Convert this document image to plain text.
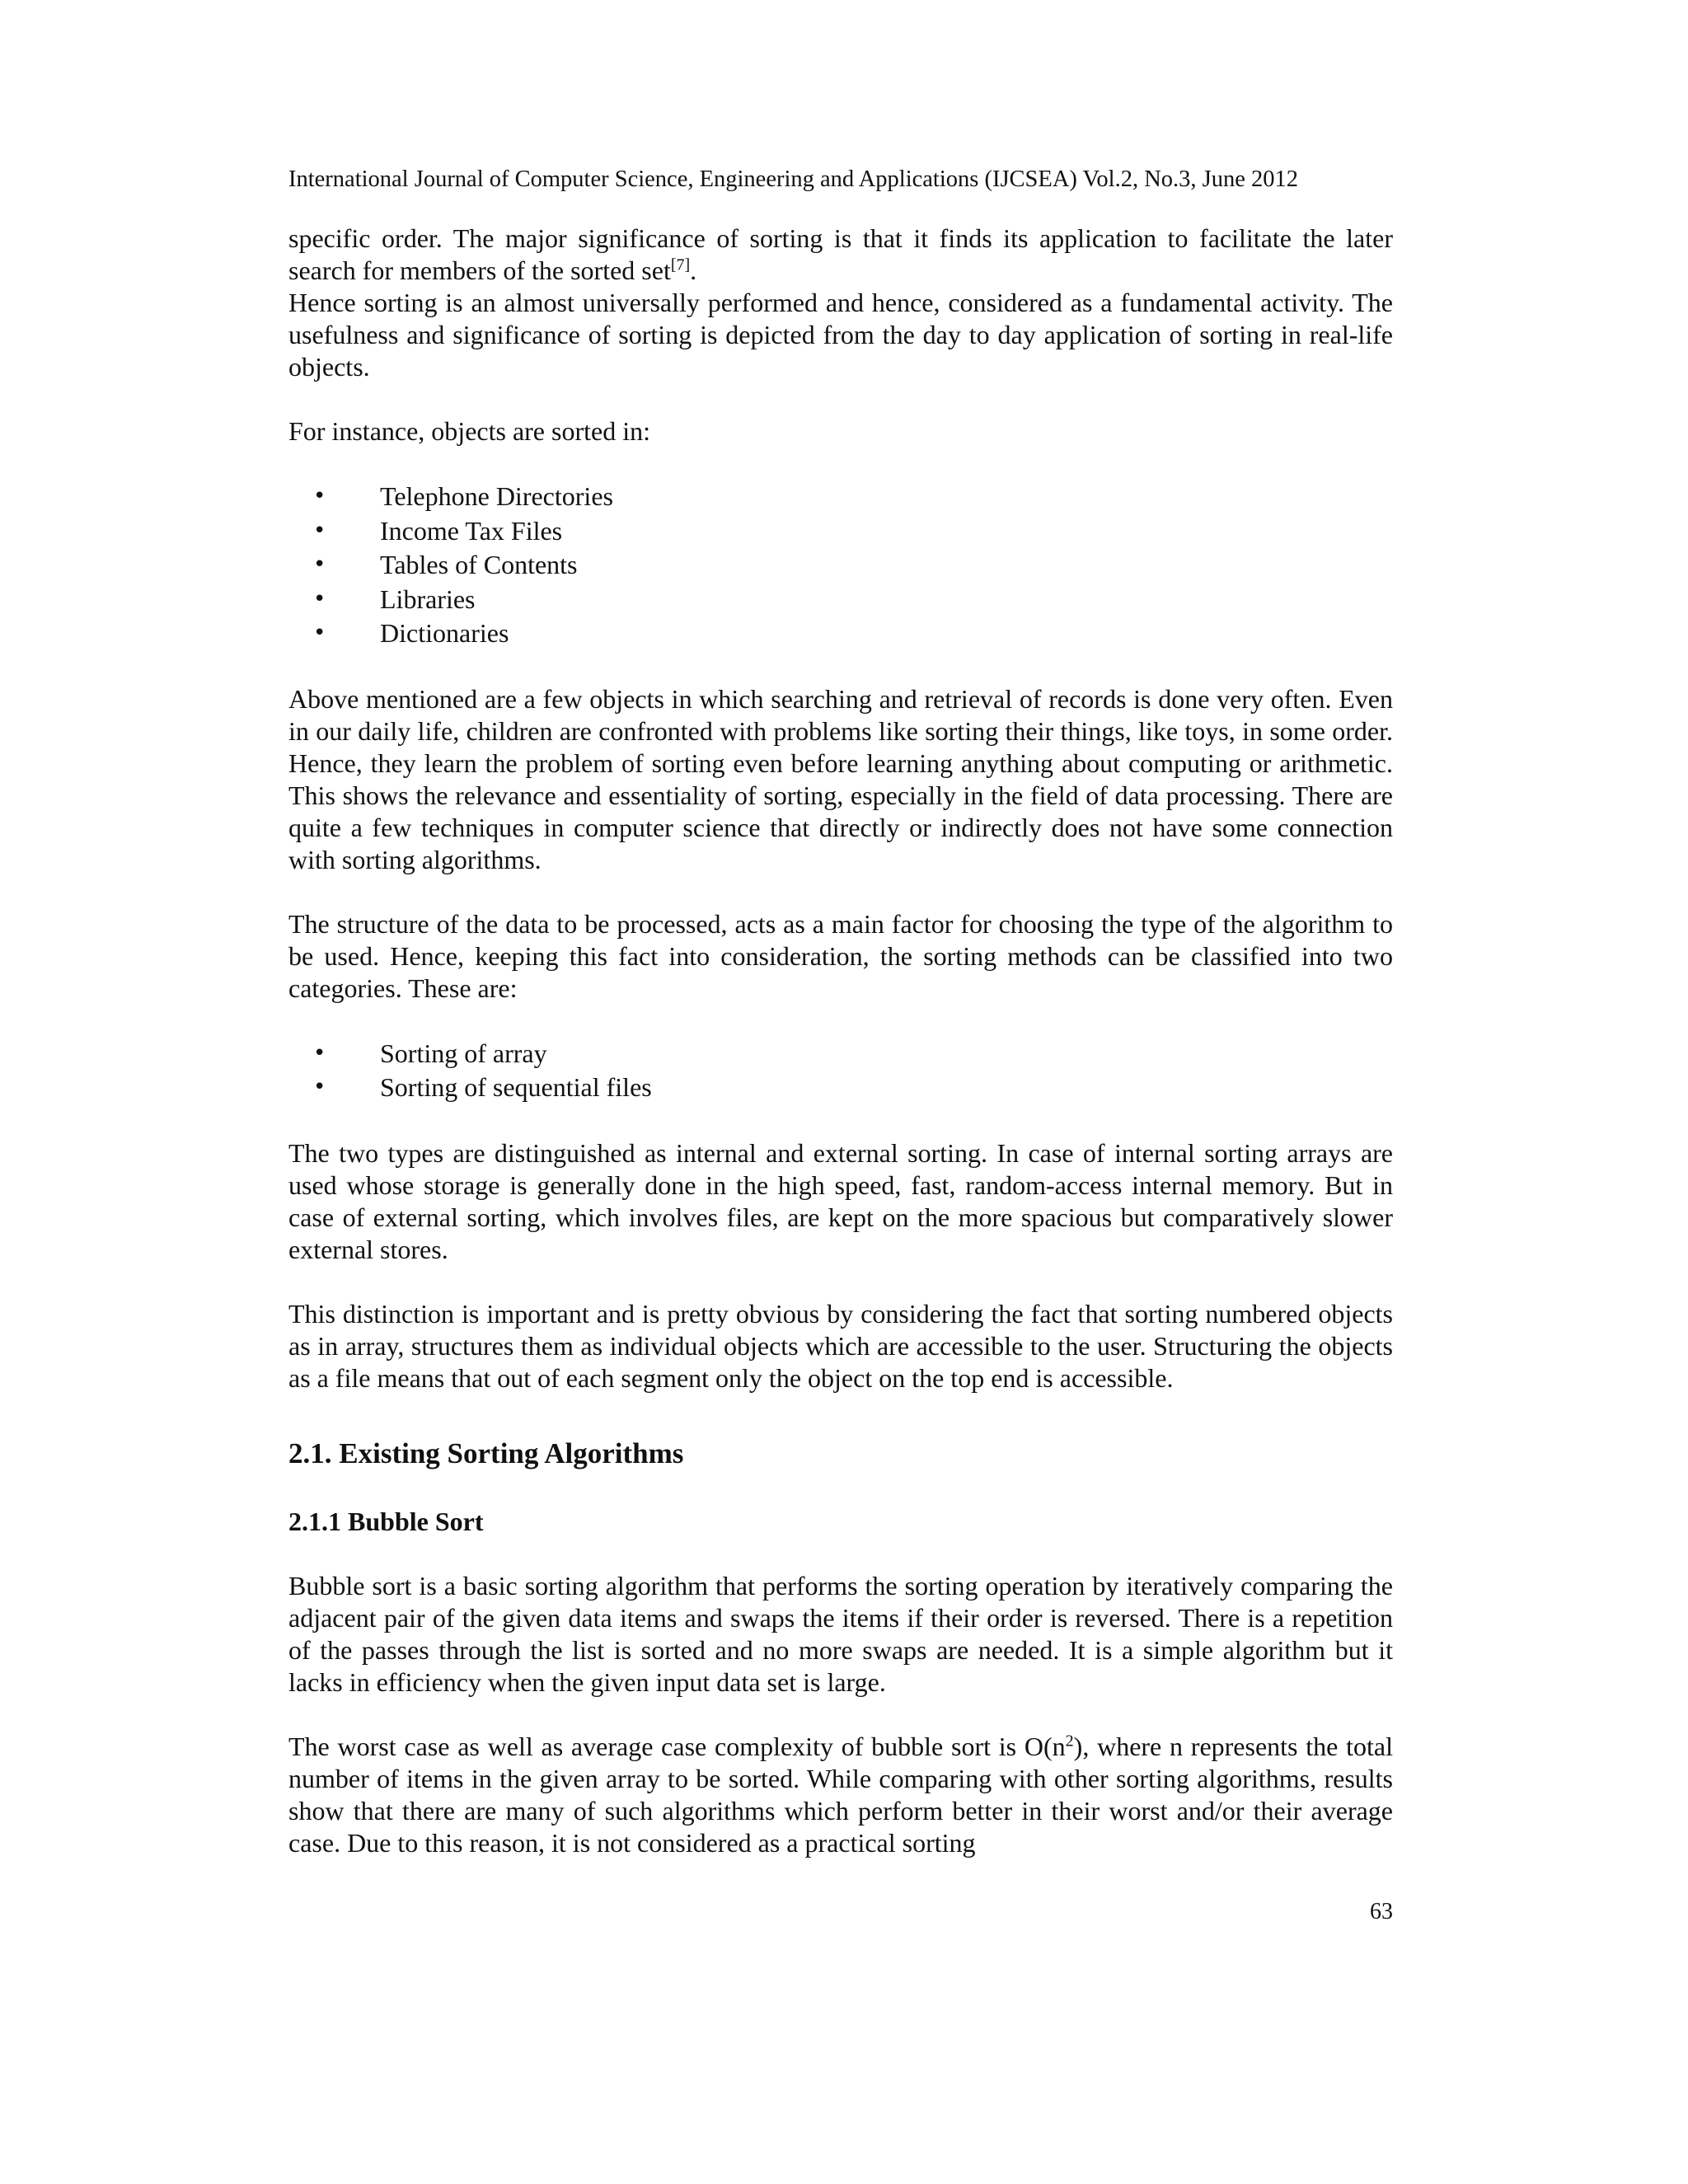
International Journal of Computer Science, Engineering and Applications (IJCSEA) Vol.2, No.3, June 2012

specific order. The major significance of sorting is that it finds its application to facilitate the later search for members of the sorted set[7].

Hence sorting is an almost universally performed and hence, considered as a fundamental activity. The usefulness and significance of sorting is depicted from the day to day application of sorting in real-life objects.

For instance, objects are sorted in:

• Telephone Directories
• Income Tax Files
• Tables of Contents
• Libraries
• Dictionaries

Above mentioned are a few objects in which searching and retrieval of records is done very often. Even in our daily life, children are confronted with problems like sorting their things, like toys, in some order. Hence, they learn the problem of sorting even before learning anything about computing or arithmetic. This shows the relevance and essentiality of sorting, especially in the field of data processing. There are quite a few techniques in computer science that directly or indirectly does not have some connection with sorting algorithms.

The structure of the data to be processed, acts as a main factor for choosing the type of the algorithm to be used. Hence, keeping this fact into consideration, the sorting methods can be classified into two categories. These are:

• Sorting of array
• Sorting of sequential files

The two types are distinguished as internal and external sorting. In case of internal sorting arrays are used whose storage is generally done in the high speed, fast, random-access internal memory. But in case of external sorting, which involves files, are kept on the more spacious but comparatively slower external stores.

This distinction is important and is pretty obvious by considering the fact that sorting numbered objects as in array, structures them as individual objects which are accessible to the user. Structuring the objects as a file means that out of each segment only the object on the top end is accessible.

2.1. Existing Sorting Algorithms
2.1.1 Bubble Sort

Bubble sort is a basic sorting algorithm that performs the sorting operation by iteratively comparing the adjacent pair of the given data items and swaps the items if their order is reversed. There is a repetition of the passes through the list is sorted and no more swaps are needed. It is a simple algorithm but it lacks in efficiency when the given input data set is large.

The worst case as well as average case complexity of bubble sort is $O(n^2)$, where n represents the total number of items in the given array to be sorted. While comparing with other sorting algorithms, results show that there are many of such algorithms which perform better in their worst and/or their average case. Due to this reason, it is not considered as a practical sorting

63
